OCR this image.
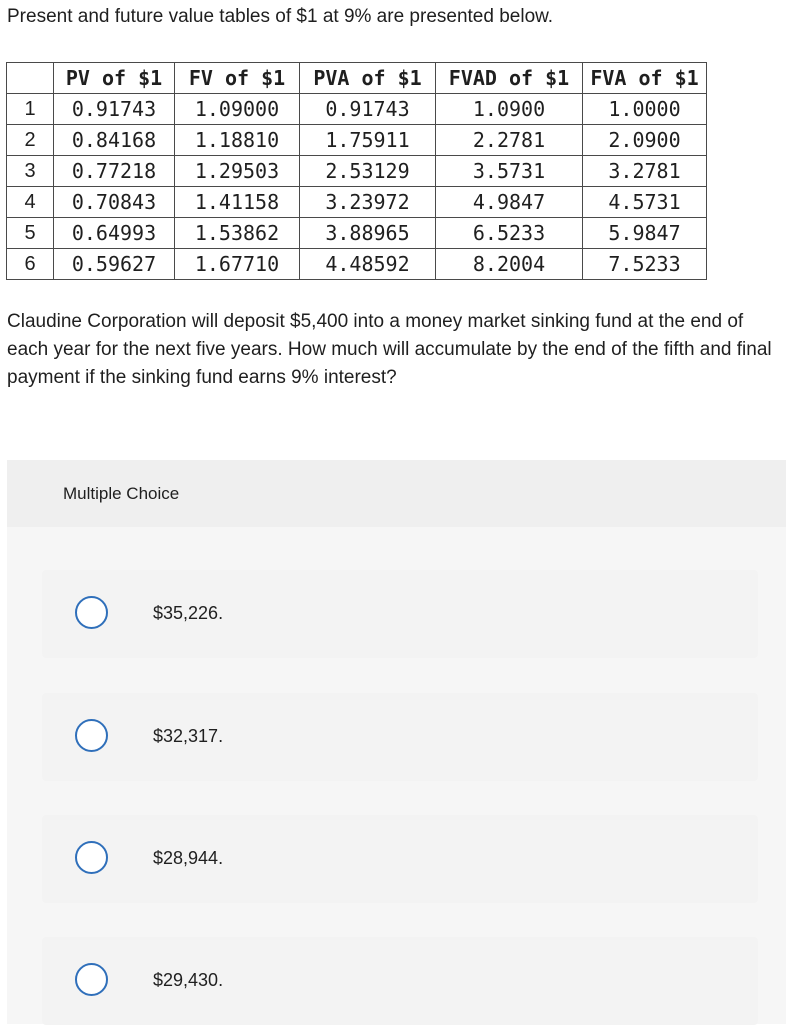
Present and future value tables of $1 at 9% are presented below.

	PV of $1	FV of $1	PVA of $1	FVAD of $1	FVA of $1
1	0.91743	1.09000	0.91743	1.0900	1.0000
2	0.84168	1.18810	1.75911	2.2781	2.0900
3	0.77218	1.29503	2.53129	3.5731	3.2781
4	0.70843	1.41158	3.23972	4.9847	4.5731
5	0.64993	1.53862	3.88965	6.5233	5.9847
6	0.59627	1.67710	4.48592	8.2004	7.5233

Claudine Corporation will deposit $5,400 into a money market sinking fund at the end of each year for the next five years. How much will accumulate by the end of the fifth and final payment if the sinking fund earns 9% interest?

Multiple Choice

$35,226.
$32,317.
$28,944.
$29,430.
